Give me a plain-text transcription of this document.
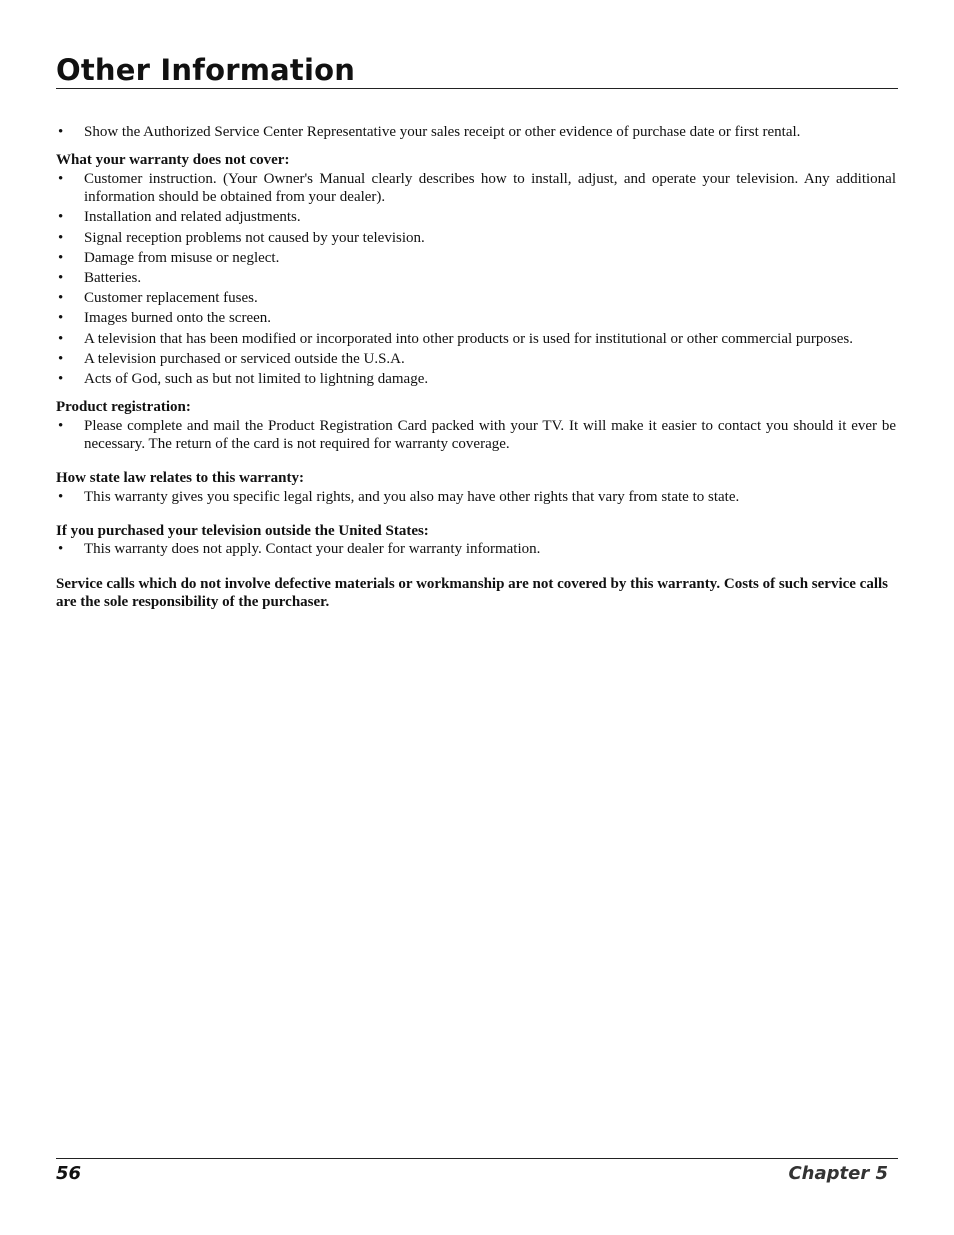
Other Information
• Show the Authorized Service Center Representative your sales receipt or other evidence of purchase date or first rental.

What your warranty does not cover:

• Customer instruction. (Your Owner's Manual clearly describes how to install, adjust, and operate your television. Any additional information should be obtained from your dealer).
• Installation and related adjustments.
• Signal reception problems not caused by your television.
• Damage from misuse or neglect.
• Batteries.
• Customer replacement fuses.
• Images burned onto the screen.
• A television that has been modified or incorporated into other products or is used for institutional or other commercial purposes.
• A television purchased or serviced outside the U.S.A.
• Acts of God, such as but not limited to lightning damage.

Product registration:

• Please complete and mail the Product Registration Card packed with your TV. It will make it easier to contact you should it ever be necessary. The return of the card is not required for warranty coverage.

How state law relates to this warranty:

• This warranty gives you specific legal rights, and you also may have other rights that vary from state to state.

If you purchased your television outside the United States:

• This warranty does not apply. Contact your dealer for warranty information.

Service calls which do not involve defective materials or workmanship are not covered by this warranty. Costs of such service calls are the sole responsibility of the purchaser.

56	Chapter 5
